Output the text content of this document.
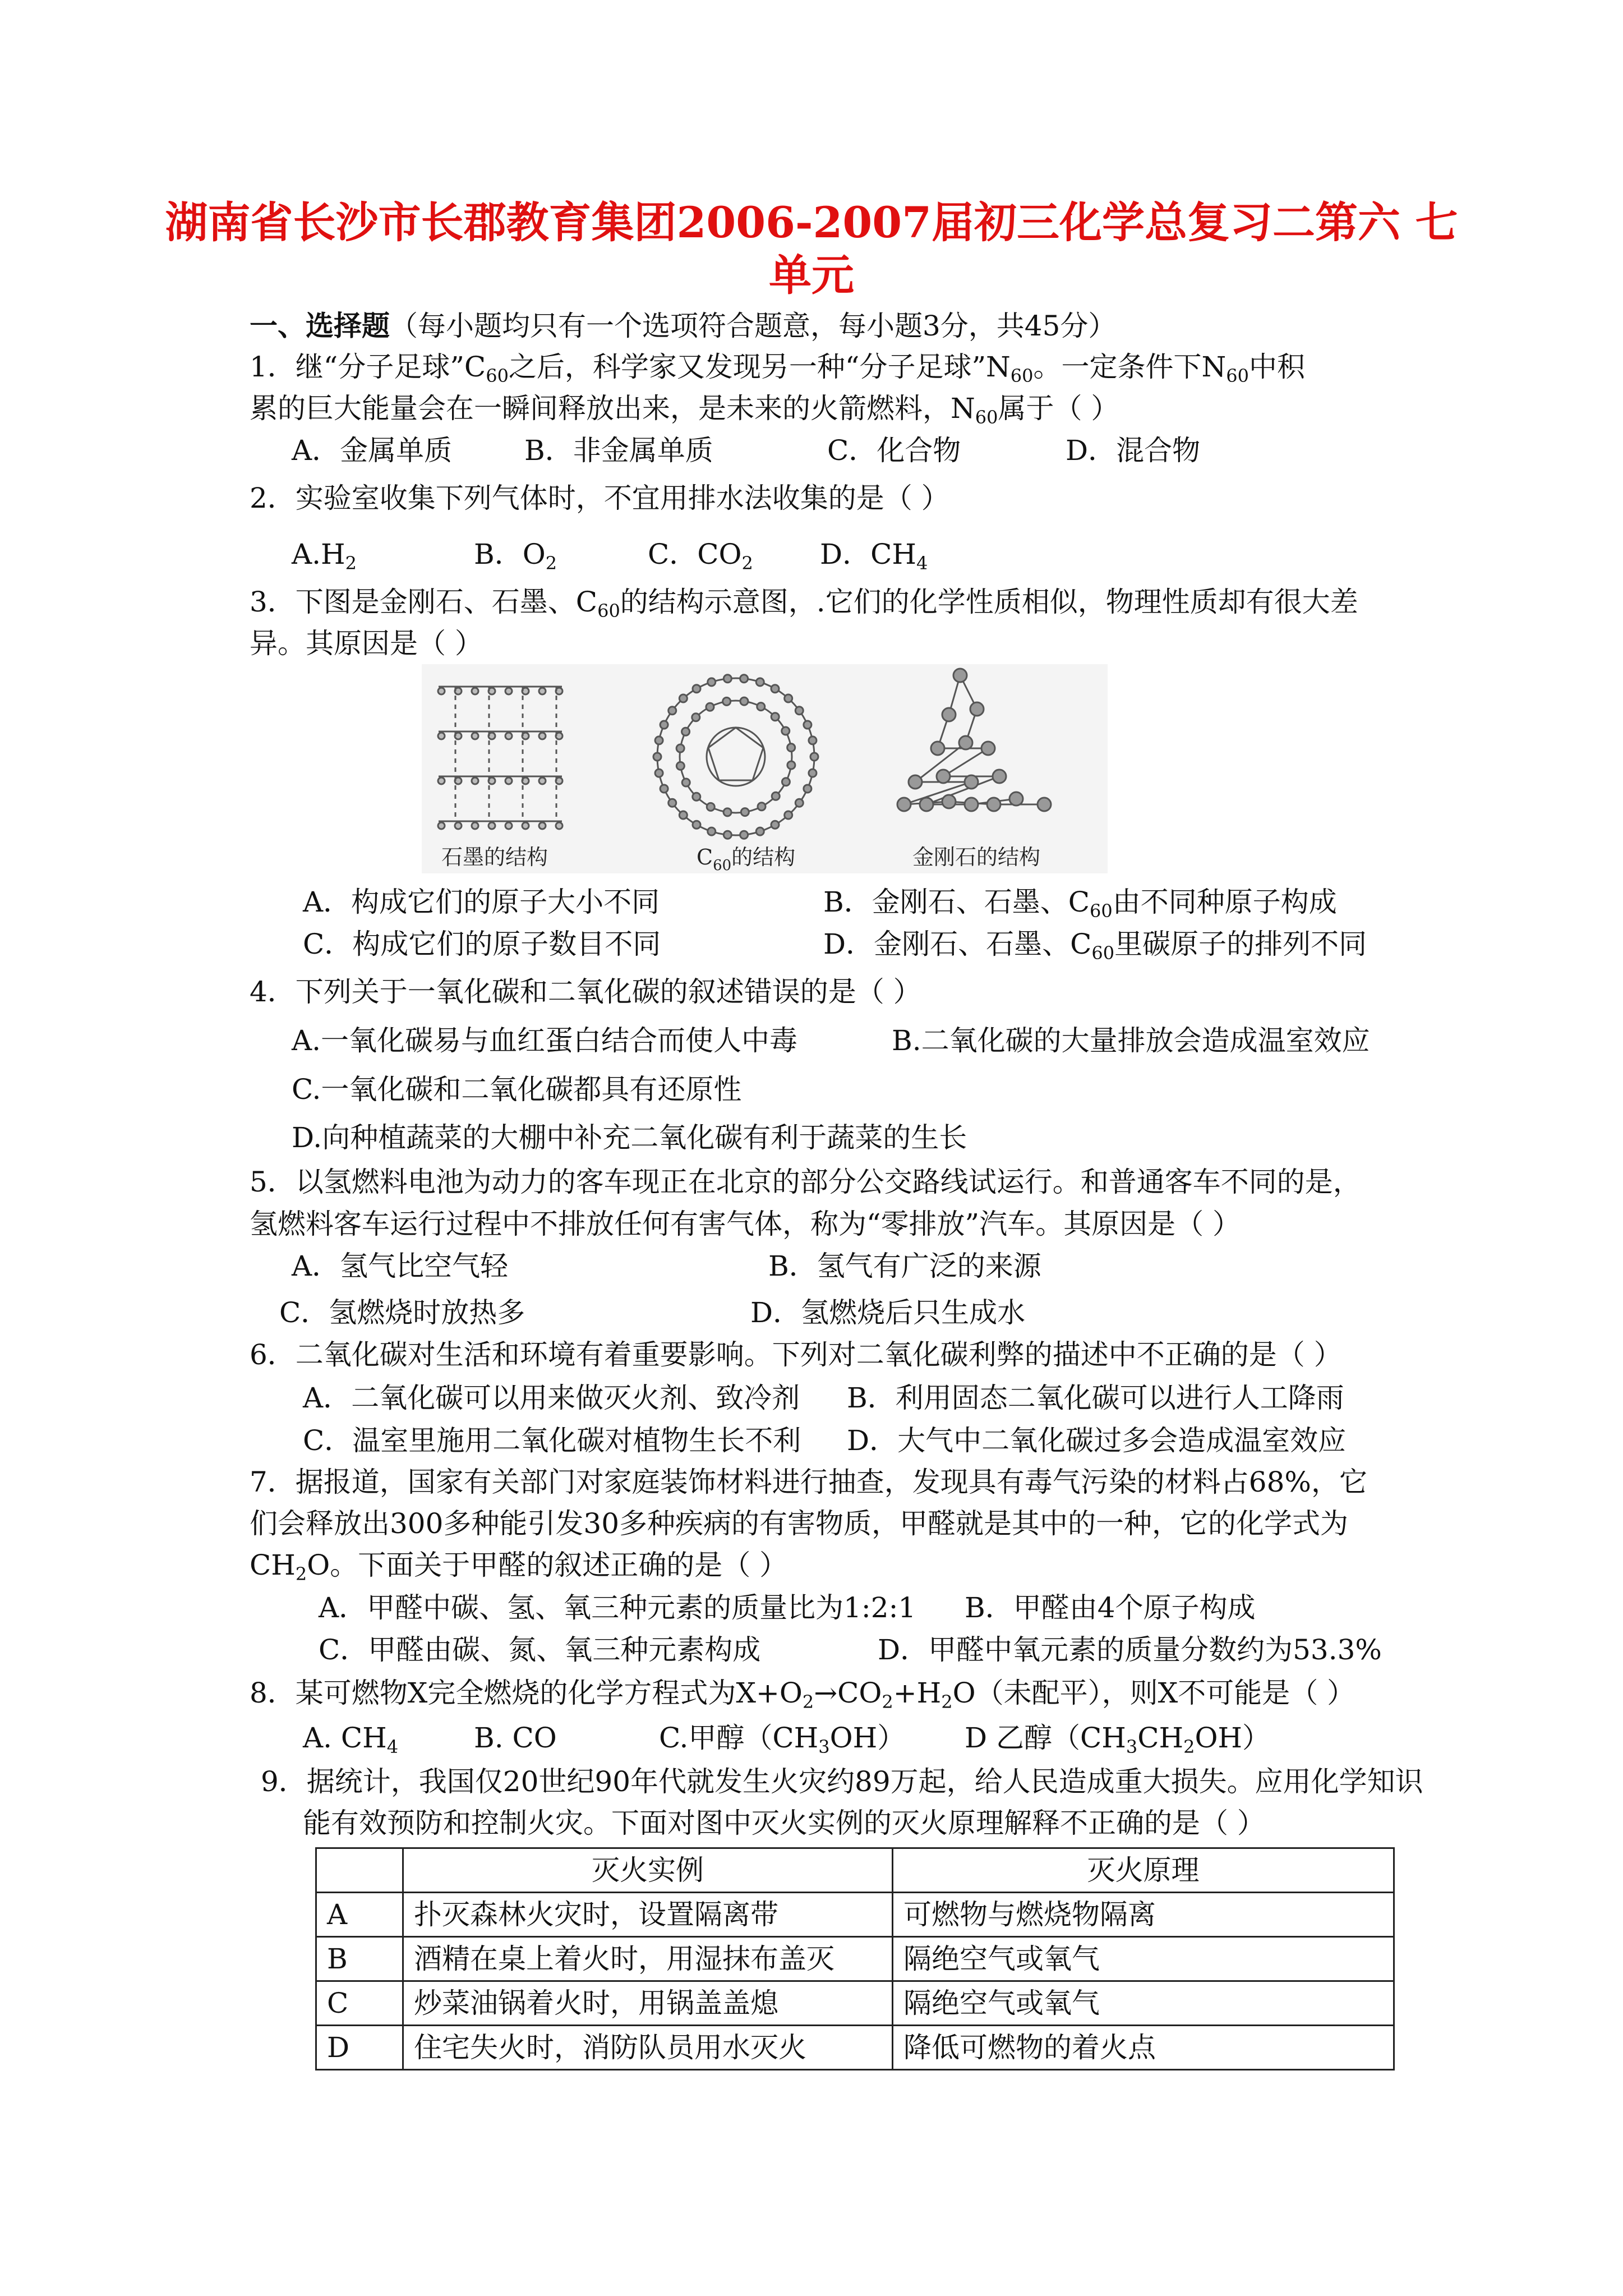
湖南省长沙市长郡教育集团2006-2007届初三化学总复习二第六 七
单元
一、选择题（每小题均只有一个选项符合题意，每小题3分，共45分）
1．继“分子足球$”C_{60}$之后，科学家又发现另一种“分子足球$”N_{60}$。一定条件下$N_{60}$中积
累的巨大能量会在一瞬间释放出来，是未来的火箭燃料，$N_{60}$属于（ ）
A．金属单质	B．非金属单质	C．化合物	D．混合物
2．实验室收集下列气体时，不宜用排水法收集的是（ ）
$A.H_2$	B．$O_2$	C．$CO_2$ D．$CH_4$
3．下图是金刚石、石墨、$C_{60}$的结构示意图，.它们的化学性质相似，物理性质却有很大差
异。其原因是（ ）
石墨的结构	$C_{60}$的结构	金刚石的结构
A．构成它们的原子大小不同	B．金刚石、石墨、$C_{60}$由不同种原子构成
C．构成它们的原子数目不同	D．金刚石、石墨、$C_{60}$里碳原子的排列不同
4．下列关于一氧化碳和二氧化碳的叙述错误的是（ ）
A.一氧化碳易与血红蛋白结合而使人中毒	B.二氧化碳的大量排放会造成温室效应
C.一氧化碳和二氧化碳都具有还原性
D.向种植蔬菜的大棚中补充二氧化碳有利于蔬菜的生长
5．以氢燃料电池为动力的客车现正在北京的部分公交路线试运行。和普通客车不同的是，
氢燃料客车运行过程中不排放任何有害气体，称为“零排放”汽车。其原因是（ ）
A．氢气比空气轻	B．氢气有广泛的来源
C．氢燃烧时放热多	D．氢燃烧后只生成水
6．二氧化碳对生活和环境有着重要影响。下列对二氧化碳利弊的描述中不正确的是（ ）
A．二氧化碳可以用来做灭火剂、致冷剂 B．利用固态二氧化碳可以进行人工降雨
C．温室里施用二氧化碳对植物生长不利 D．大气中二氧化碳过多会造成温室效应
7．据报道，国家有关部门对家庭装饰材料进行抽查，发现具有毒气污染的材料占68%，它
们会释放出300多种能引发30多种疾病的有害物质，甲醛就是其中的一种，它的化学式为
$CH_2O$。下面关于甲醛的叙述正确的是（ ）
A．甲醛中碳、氢、氧三种元素的质量比为1:2:1 B．甲醛由4个原子构成
C．甲醛由碳、氮、氧三种元素构成	D．甲醛中氧元素的质量分数约为53.3%
8．某可燃物X完全燃烧的化学方程式为$X+O_2\to CO_2+H_2O$（未配平），则X不可能是（ ）
A. $CH_4$	B. CO	C.甲醇$(CH_3OH)$ D 乙醇$(CH_3CH_2OH)$
9．据统计，我国仅20世纪90年代就发生火灾约89万起，给人民造成重大损失。应用化学知识
能有效预防和控制火灾。下面对图中灭火实例的灭火原理解释不正确的是（ ）
	灭火实例	灭火原理
A	扑灭森林火灾时，设置隔离带	可燃物与燃烧物隔离
B	酒精在桌上着火时，用湿抹布盖灭	隔绝空气或氧气
C	炒菜油锅着火时，用锅盖盖熄	隔绝空气或氧气
D	住宅失火时，消防队员用水灭火	降低可燃物的着火点
